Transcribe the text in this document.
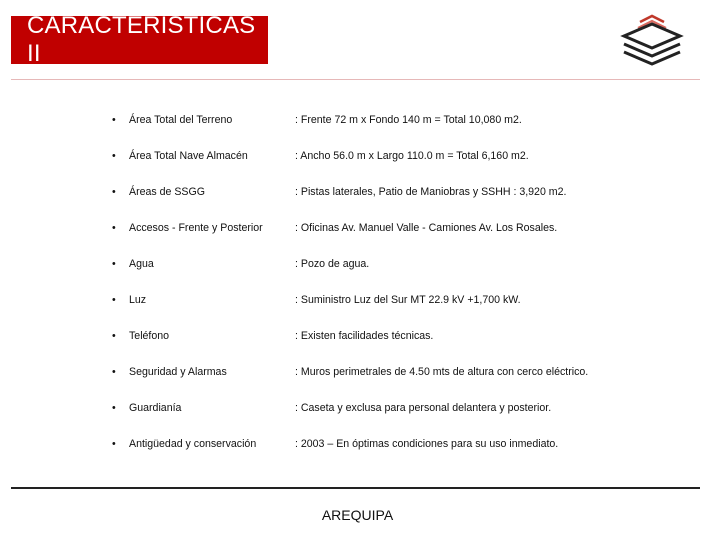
CARACTERISTICAS II
•	Área Total del Terreno	: Frente 72 m x Fondo 140 m = Total 10,080 m2.
•	Área Total Nave Almacén	: Ancho 56.0 m x Largo 110.0 m = Total 6,160 m2.
•	Áreas de SSGG	: Pistas laterales, Patio de Maniobras y SSHH : 3,920 m2.
•	Accesos - Frente y Posterior	: Oficinas Av. Manuel Valle - Camiones Av. Los Rosales.
•	Agua	: Pozo de agua.
•	Luz	: Suministro Luz del Sur MT 22.9 kV +1,700 kW.
•	Teléfono	: Existen facilidades técnicas.
•	Seguridad y Alarmas	: Muros perimetrales de 4.50 mts de altura con cerco eléctrico.
•	Guardianía	: Caseta y exclusa para personal delantera y posterior.
•	Antigüedad y conservación	: 2003 – En óptimas condiciones para su uso inmediato.
AREQUIPA
